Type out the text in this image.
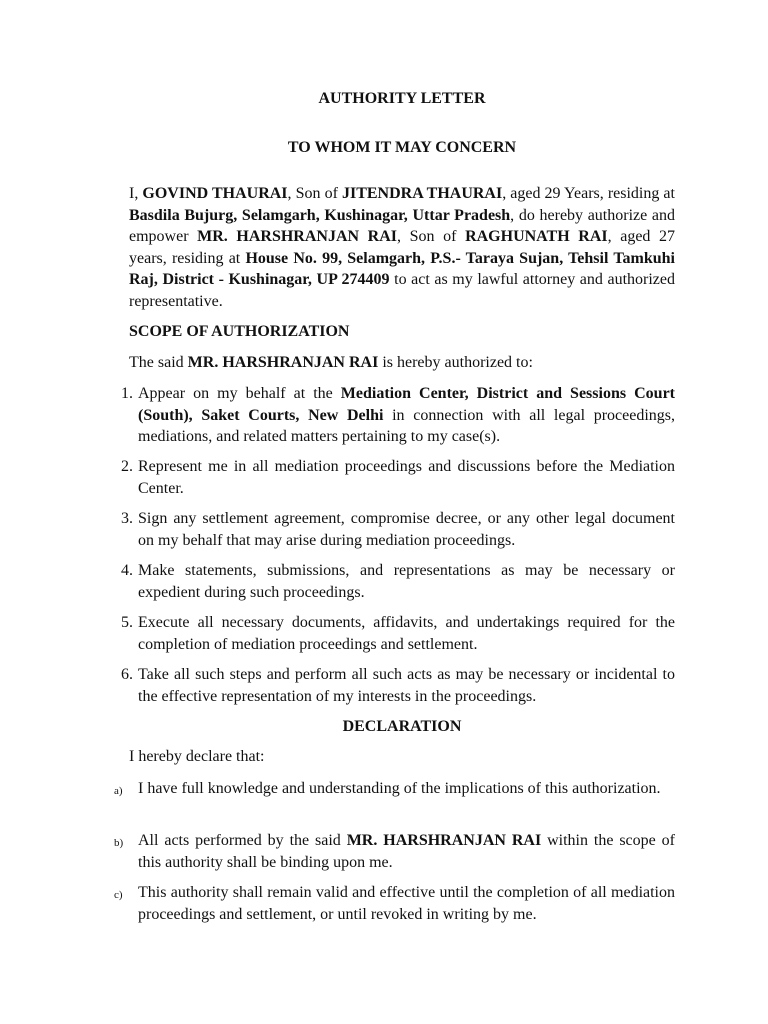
AUTHORITY LETTER
TO WHOM IT MAY CONCERN
I, GOVIND THAURAI, Son of JITENDRA THAURAI, aged 29 Years, residing at Basdila Bujurg, Selamgarh, Kushinagar, Uttar Pradesh, do hereby authorize and empower MR. HARSHRANJAN RAI, Son of RAGHUNATH RAI, aged 27 years, residing at House No. 99, Selamgarh, P.S.- Taraya Sujan, Tehsil Tamkuhi Raj, District - Kushinagar, UP 274409 to act as my lawful attorney and authorized representative.
SCOPE OF AUTHORIZATION
The said MR. HARSHRANJAN RAI is hereby authorized to:
1. Appear on my behalf at the Mediation Center, District and Sessions Court (South), Saket Courts, New Delhi in connection with all legal proceedings, mediations, and related matters pertaining to my case(s).
2. Represent me in all mediation proceedings and discussions before the Mediation Center.
3. Sign any settlement agreement, compromise decree, or any other legal document on my behalf that may arise during mediation proceedings.
4. Make statements, submissions, and representations as may be necessary or expedient during such proceedings.
5. Execute all necessary documents, affidavits, and undertakings required for the completion of mediation proceedings and settlement.
6. Take all such steps and perform all such acts as may be necessary or incidental to the effective representation of my interests in the proceedings.
DECLARATION
I hereby declare that:
a) I have full knowledge and understanding of the implications of this authorization.
b) All acts performed by the said MR. HARSHRANJAN RAI within the scope of this authority shall be binding upon me.
c) This authority shall remain valid and effective until the completion of all mediation proceedings and settlement, or until revoked in writing by me.
